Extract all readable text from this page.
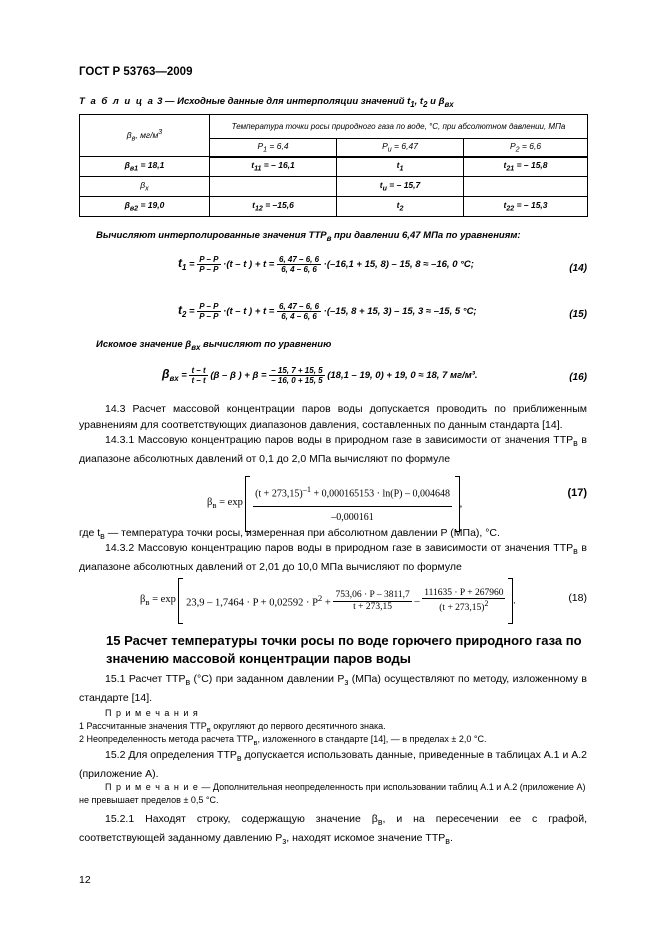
ГОСТ Р 53763—2009
Т а б л и ц а 3 — Исходные данные для интерполяции значений $t_1$, $t_2$ и $\beta_{вх}$
$\beta_в$, $мг/м^3$	Температура точки росы природного газа по воде, °С, при абсолютном давлении, МПа		
	$P_1 = 6,4$	$P_u = 6,47$	$P_2 = 6,6$
$\beta_{в1} = 18,1$	$t_{11}$ = – 16,1	$t_1$	$t_{21}$ = – 15,8
$\beta_х$		$t_u$ = – 15,7	
$\beta_{в2} = 19,0$	$t_{12} = -15,6$	$t_2$	$t_{22}$ = – 15,3
Вычисляют интерполированные значения $ТТР_в$ при давлении 6,47 МПа по уравнениям:
$t_1 = \frac{P - P}{P - P} \cdot(t - t$ ) + $t = \frac{6, 47 - 6, 6}{6, 4 - 6, 6} \cdot(-16,1 + 15$, 8) – 15, 8 ≈ –16, 0 °С;	(14)
$t_2 = \frac{P - P}{P - P} \cdot(t - t$ ) + $t = \frac{6, 47 - 6, 6}{6, 4 - 6, 6} \cdot(-15$, 8 + 15, 3) – 15, 3 ≈ –15, 5 °С;	(15)
Искомое значение $\beta_{вх}$ вычисляют по уравнению
$\beta_{вх} = \frac{t - t}{t - t} (\beta - \beta$ ) + $\beta = \frac{- 15, 7 + 15, 5}{- 16, 0 + 15, 5} (18,1 - 19$, 0) + 19, 0 ≈ 18, 7 мг/м³.	(16)
14.3 Расчет массовой концентрации паров воды допускается проводить по приближенным уравнениям для соответствующих диапазонов давления, составленных по данным стандарта [14].
14.3.1 Массовую концентрацию паров воды в природном газе в зависимости от значения $ТТР_в$ в диапазоне абсолютных давлений от 0,1 до 2,0 МПа вычисляют по формуле
$\beta_в = \exp \frac{(t + 273,15)^{-1} + 0,000165153 \cdot \ln(P) - 0,004648}{-0,000161}$ ,
(17)
где $t_в$ — температура точки росы, измеренная при абсолютном давлении P (МПа), °С.
14.3.2 Массовую концентрацию паров воды в природном газе в зависимости от значения $ТТР_в$ в диапазоне абсолютных давлений от 2,01 до 10,0 МПа вычисляют по формуле
$\beta_в = \exp 23,9 - 1,7464 \cdot P + 0,02592 \cdot P^2 + \frac{753,06 \cdot P - 3811,7}{t + 273,15} - \frac{111635 \cdot P + 267960}{(t + 273,15)^2}$ .	(18)
15 Расчет температуры точки росы по воде горючего природного газа по значению массовой концентрации паров воды
15.1 Расчет $ТТР_в$ (°С) при заданном давлении $P_з$ (МПа) осуществляют по методу, изложенному в стандарте [14].
П р и м е ч а н и я
1 Рассчитанные значения $ТТР_в$ округляют до первого десятичного знака.
2 Неопределенность метода расчета $ТТР_в$, изложенного в стандарте [14], — в пределах ± 2,0 °С.
15.2 Для определения $ТТР_в$ допускается использовать данные, приведенные в таблицах А.1 и А.2 (приложение А).
П р и м е ч а н и е — Дополнительная неопределенность при использовании таблиц А.1 и А.2 (приложение А) не превышает пределов ± 0,5 °С.
15.2.1 Находят строку, содержащую значение $\beta_в$, и на пересечении ее с графой, соответствующей заданному давлению $P_з$, находят искомое значение $ТТР_в$.
12
